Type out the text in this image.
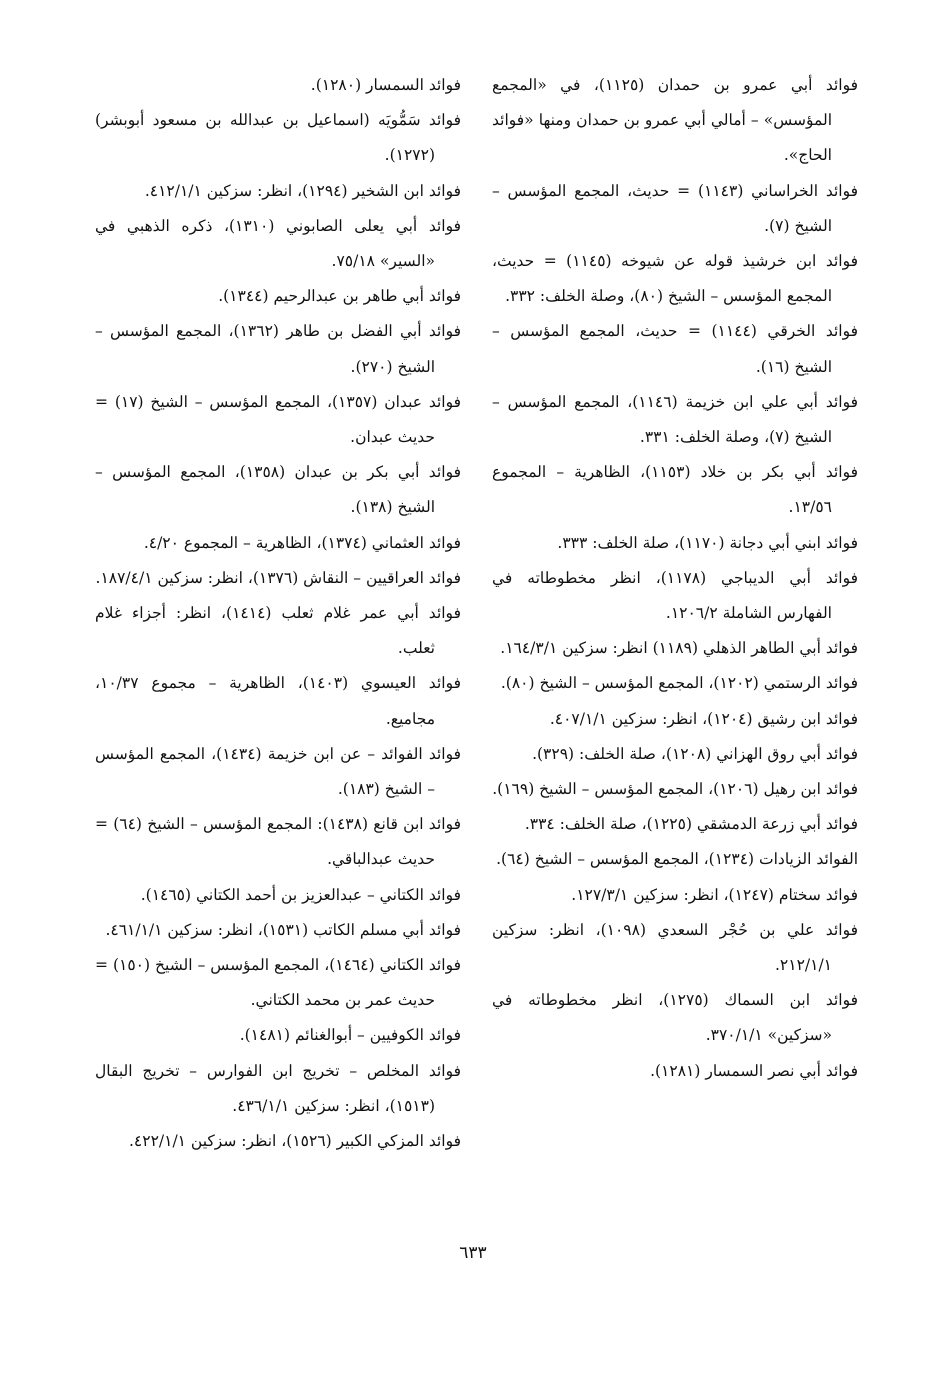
فوائد أبي عمرو بن حمدان (١١٢٥)، في «المجمع المؤسس» – أمالي أبي عمرو بن حمدان ومنها «فوائد الحاج».

فوائد الخراساني (١١٤٣) = حديث، المجمع المؤسس – الشيخ (٧).

فوائد ابن خرشيذ قوله عن شيوخه (١١٤٥) = حديث، المجمع المؤسس – الشيخ (٨٠)، وصلة الخلف: ٣٣٢.

فوائد الخرقي (١١٤٤) = حديث، المجمع المؤسس – الشيخ (١٦).

فوائد أبي علي ابن خزيمة (١١٤٦)، المجمع المؤسس – الشيخ (٧)، وصلة الخلف: ٣٣١.

فوائد أبي بكر بن خلاد (١١٥٣)، الظاهرية – المجموع ١٣/٥٦.

فوائد ابني أبي دجانة (١١٧٠)، صلة الخلف: ٣٣٣.

فوائد أبي الديباجي (١١٧٨)، انظر مخطوطاته في الفهارس الشاملة ١٢٠٦/٢.

فوائد أبي الطاهر الذهلي (١١٨٩) انظر: سزكين ١٦٤/٣/١.

فوائد الرستمي (١٢٠٢)، المجمع المؤسس – الشيخ (٨٠).

فوائد ابن رشيق (١٢٠٤)، انظر: سزكين ٤٠٧/١/١.

فوائد أبي روق الهزاني (١٢٠٨)، صلة الخلف: (٣٢٩).

فوائد ابن رهيل (١٢٠٦)، المجمع المؤسس – الشيخ (١٦٩).

فوائد أبي زرعة الدمشقي (١٢٢٥)، صلة الخلف: ٣٣٤.

الفوائد الزيادات (١٢٣٤)، المجمع المؤسس – الشيخ (٦٤).

فوائد سختام (١٢٤٧)، انظر: سزكين ١٢٧/٣/١.

فوائد علي بن حُجْر السعدي (١٠٩٨)، انظر: سزكين ٢١٢/١/١.

فوائد ابن السماك (١٢٧٥)، انظر مخطوطاته في «سزكين» ٣٧٠/١/١.

فوائد أبي نصر السمسار (١٢٨١).

فوائد السمسار (١٢٨٠).

فوائد سَمُّويَه (اسماعيل بن عبدالله بن مسعود أبوبشر) (١٢٧٢).

فوائد ابن الشخير (١٢٩٤)، انظر: سزكين ٤١٢/١/١.

فوائد أبي يعلى الصابوني (١٣١٠)، ذكره الذهبي في «السير» ٧٥/١٨.

فوائد أبي طاهر بن عبدالرحيم (١٣٤٤).

فوائد أبي الفضل بن طاهر (١٣٦٢)، المجمع المؤسس – الشيخ (٢٧٠).

فوائد عبدان (١٣٥٧)، المجمع المؤسس – الشيخ (١٧) = حديث عبدان.

فوائد أبي بكر بن عبدان (١٣٥٨)، المجمع المؤسس – الشيخ (١٣٨).

فوائد العثماني (١٣٧٤)، الظاهرية – المجموع ٤/٢٠.

فوائد العراقيين – النقاش (١٣٧٦)، انظر: سزكين ١٨٧/٤/١.

فوائد أبي عمر غلام ثعلب (١٤١٤)، انظر: أجزاء غلام ثعلب.

فوائد العيسوي (١٤٠٣)، الظاهرية – مجموع ١٠/٣٧، مجاميع.

فوائد الفوائد – عن ابن خزيمة (١٤٣٤)، المجمع المؤسس – الشيخ (١٨٣).

فوائد ابن قانع (١٤٣٨): المجمع المؤسس – الشيخ (٦٤) = حديث عبدالباقي.

فوائد الكتاني – عبدالعزيز بن أحمد الكتاني (١٤٦٥).

فوائد أبي مسلم الكاتب (١٥٣١)، انظر: سزكين ٤٦١/١/١.

فوائد الكتاني (١٤٦٤)، المجمع المؤسس – الشيخ (١٥٠) = حديث عمر بن محمد الكتاني.

فوائد الكوفيين – أبوالغنائم (١٤٨١).

فوائد المخلص – تخريج ابن الفوارس – تخريج البقال (١٥١٣)، انظر: سزكين ٤٣٦/١/١.

فوائد المزكي الكبير (١٥٢٦)، انظر: سزكين ٤٢٢/١/١.

٦٣٣
